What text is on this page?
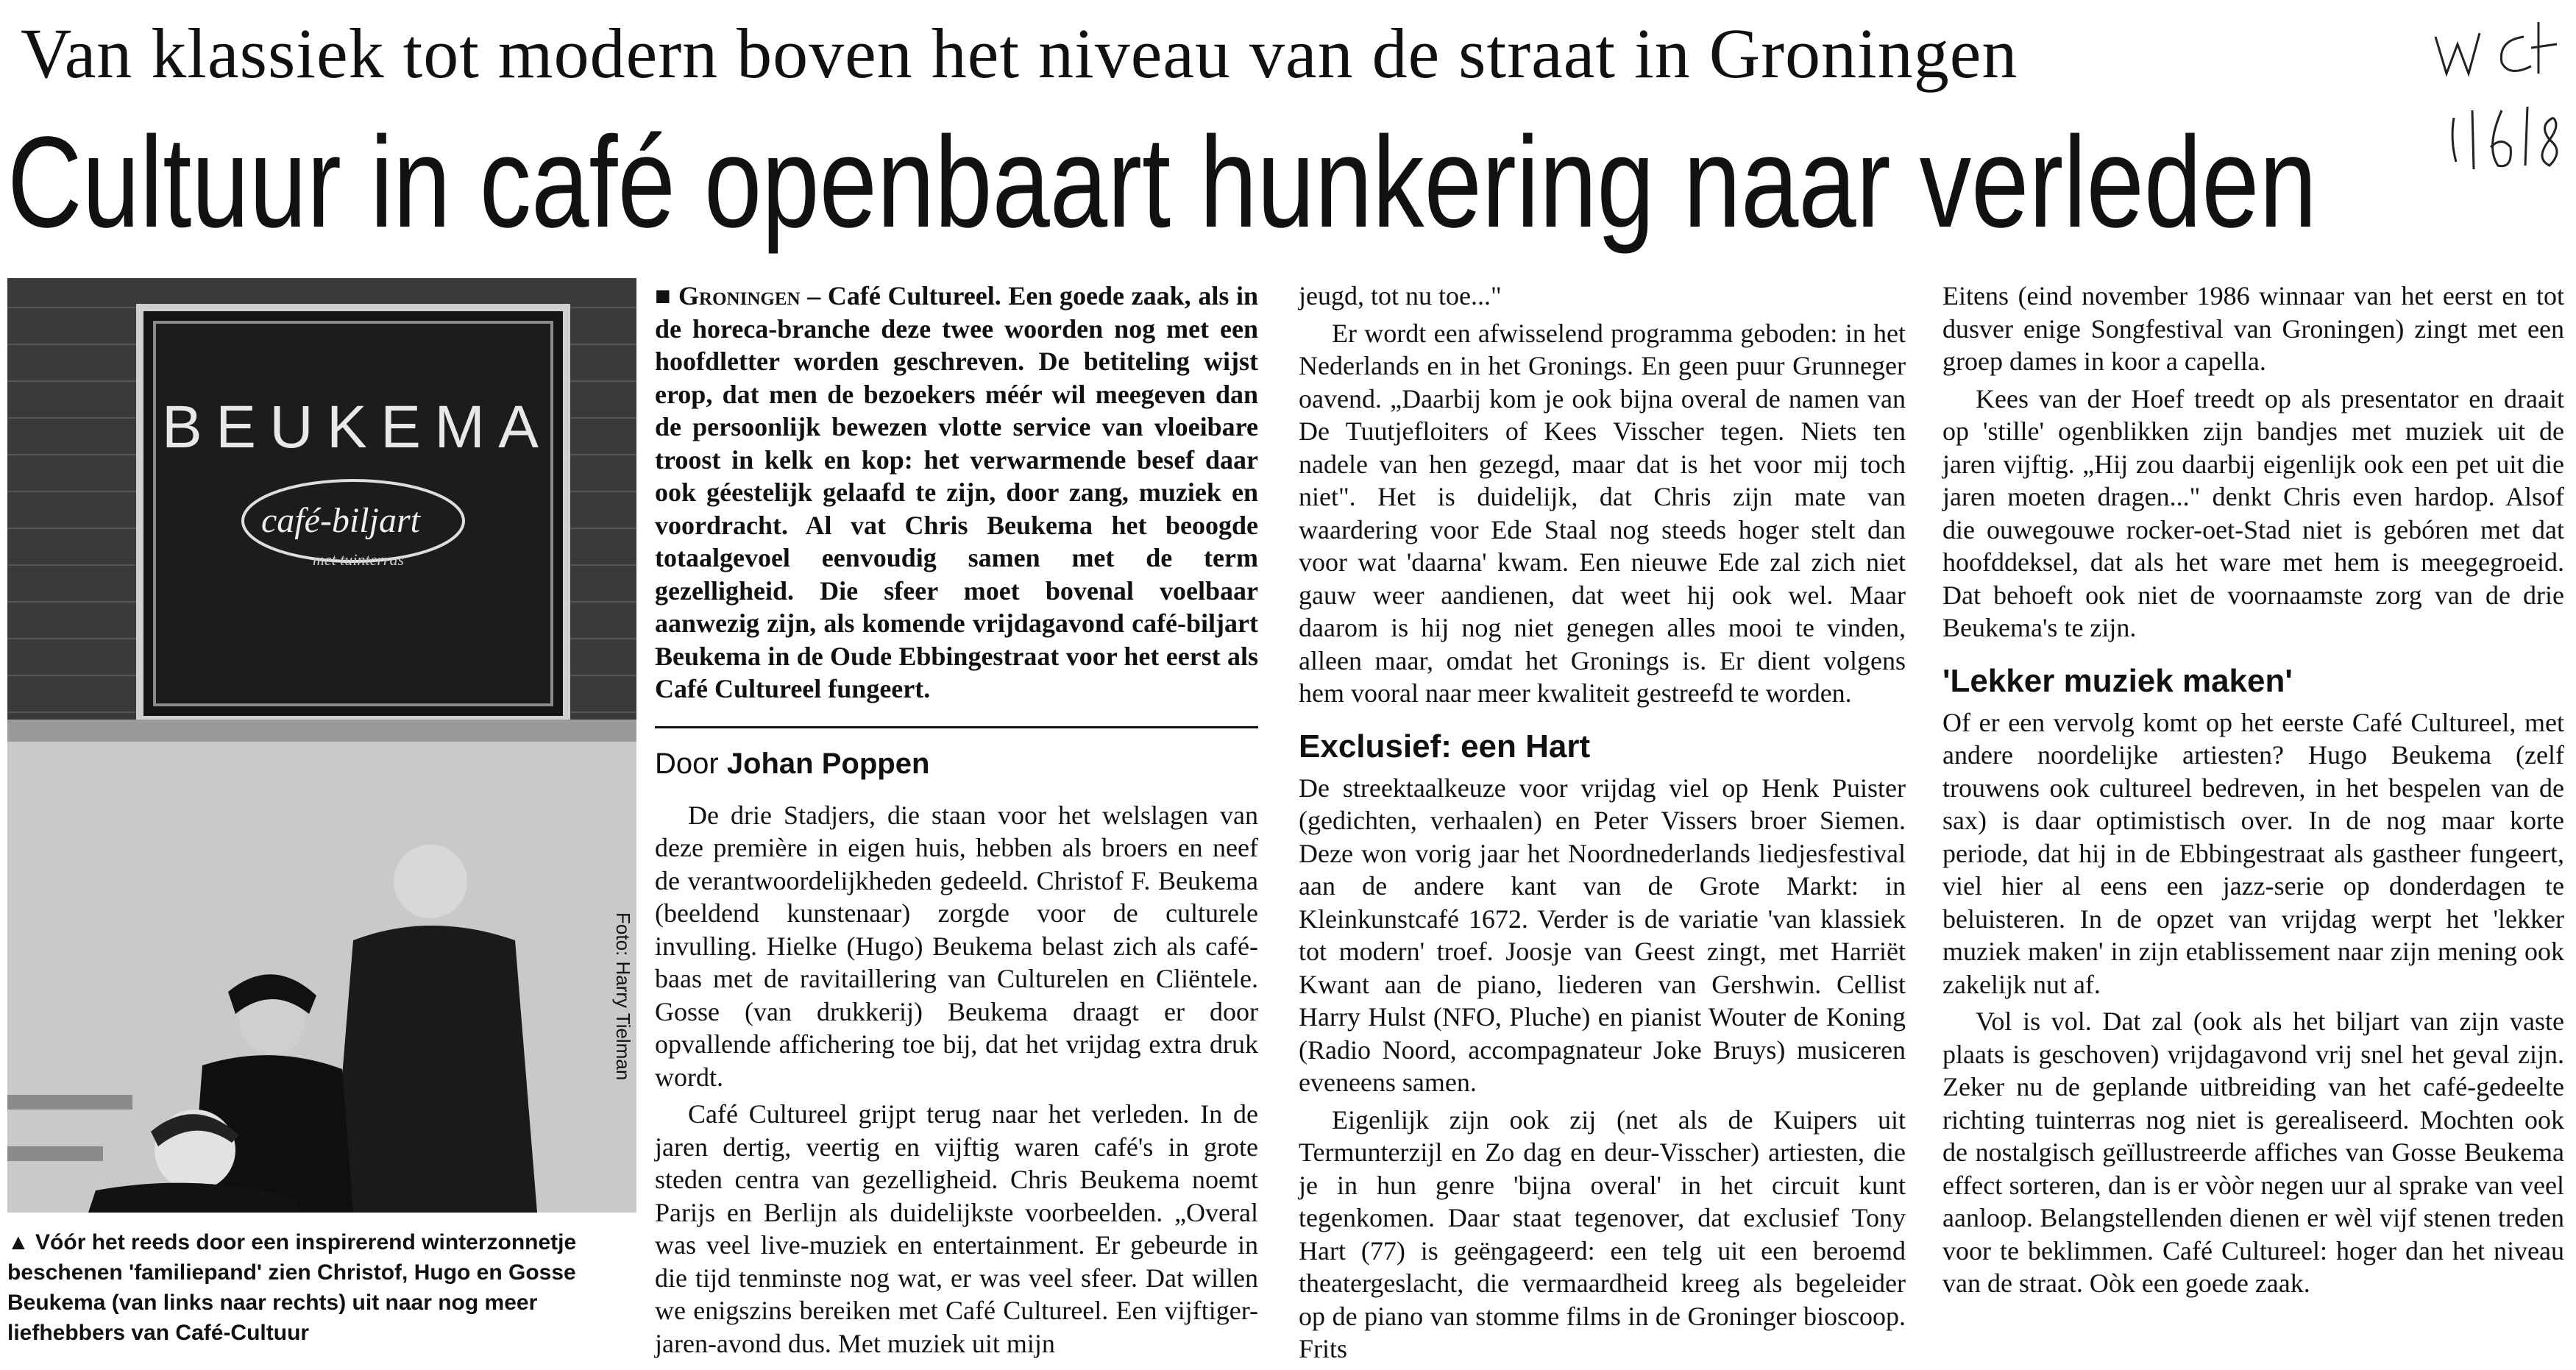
Van klassiek tot modern boven het niveau van de straat in Groningen
Cultuur in café openbaart hunkering naar verleden
BEUKEMA
café-biljart
met tuinterras
Foto: Harry Tielman
▲ Vóór het reeds door een inspirerend winterzonnetje beschenen 'familiepand' zien Christof, Hugo en Gosse Beukema (van links naar rechts) uit naar nog meer liefhebbers van Café-Cultuur

■ Groningen – Café Cultureel. Een goede zaak, als in de horeca-branche deze twee woorden nog met een hoofdletter worden geschreven. De betiteling wijst erop, dat men de bezoekers méér wil meegeven dan de persoonlijk bewezen vlotte service van vloeibare troost in kelk en kop: het verwarmende besef daar ook géestelijk gelaafd te zijn, door zang, muziek en voordracht. Al vat Chris Beukema het beoogde totaalgevoel eenvoudig samen met de term gezelligheid. Die sfeer moet bovenal voelbaar aanwezig zijn, als komende vrijdagavond café-biljart Beukema in de Oude Ebbingestraat voor het eerst als Café Cultureel fungeert.

Door Johan Poppen

De drie Stadjers, die staan voor het welslagen van deze première in eigen huis, hebben als broers en neef de verantwoordelijkheden gedeeld. Christof F. Beukema (beeldend kunstenaar) zorgde voor de culturele invulling. Hielke (Hugo) Beukema belast zich als café-baas met de ravitaillering van Culturelen en Cliëntele. Gosse (van drukkerij) Beukema draagt er door opvallende affichering toe bij, dat het vrijdag extra druk wordt.

Café Cultureel grijpt terug naar het verleden. In de jaren dertig, veertig en vijftig waren café's in grote steden centra van gezelligheid. Chris Beukema noemt Parijs en Berlijn als duidelijkste voorbeelden. „Overal was veel live-muziek en entertainment. Er gebeurde in die tijd tenminste nog wat, er was veel sfeer. Dat willen we enigszins bereiken met Café Cultureel. Een vijftiger-jaren-avond dus. Met muziek uit mijn

jeugd, tot nu toe..."

Er wordt een afwisselend programma geboden: in het Nederlands en in het Gronings. En geen puur Grunneger oavend. „Daarbij kom je ook bijna overal de namen van De Tuutjefloiters of Kees Visscher tegen. Niets ten nadele van hen gezegd, maar dat is het voor mij toch niet". Het is duidelijk, dat Chris zijn mate van waardering voor Ede Staal nog steeds hoger stelt dan voor wat 'daarna' kwam. Een nieuwe Ede zal zich niet gauw weer aandienen, dat weet hij ook wel. Maar daarom is hij nog niet genegen alles mooi te vinden, alleen maar, omdat het Gronings is. Er dient volgens hem vooral naar meer kwaliteit gestreefd te worden.

Exclusief: een Hart

De streektaalkeuze voor vrijdag viel op Henk Puister (gedichten, verhaalen) en Peter Vissers broer Siemen. Deze won vorig jaar het Noordnederlands liedjesfestival aan de andere kant van de Grote Markt: in Kleinkunstcafé 1672. Verder is de variatie 'van klassiek tot modern' troef. Joosje van Geest zingt, met Harriët Kwant aan de piano, liederen van Gershwin. Cellist Harry Hulst (NFO, Pluche) en pianist Wouter de Koning (Radio Noord, accompagnateur Joke Bruys) musiceren eveneens samen.

Eigenlijk zijn ook zij (net als de Kuipers uit Termunterzijl en Zo dag en deur-Visscher) artiesten, die je in hun genre 'bijna overal' in het circuit kunt tegenkomen. Daar staat tegenover, dat exclusief Tony Hart (77) is geëngageerd: een telg uit een beroemd theatergeslacht, die vermaardheid kreeg als begeleider op de piano van stomme films in de Groninger bioscoop. Frits

Eitens (eind november 1986 winnaar van het eerst en tot dusver enige Songfestival van Groningen) zingt met een groep dames in koor a capella.

Kees van der Hoef treedt op als presentator en draait op 'stille' ogenblikken zijn bandjes met muziek uit de jaren vijftig. „Hij zou daarbij eigenlijk ook een pet uit die jaren moeten dragen..." denkt Chris even hardop. Alsof die ouwegouwe rocker-oet-Stad niet is gebóren met dat hoofddeksel, dat als het ware met hem is meegegroeid. Dat behoeft ook niet de voornaamste zorg van de drie Beukema's te zijn.

'Lekker muziek maken'

Of er een vervolg komt op het eerste Café Cultureel, met andere noordelijke artiesten? Hugo Beukema (zelf trouwens ook cultureel bedreven, in het bespelen van de sax) is daar optimistisch over. In de nog maar korte periode, dat hij in de Ebbingestraat als gastheer fungeert, viel hier al eens een jazz-serie op donderdagen te beluisteren. In de opzet van vrijdag werpt het 'lekker muziek maken' in zijn etablissement naar zijn mening ook zakelijk nut af.

Vol is vol. Dat zal (ook als het biljart van zijn vaste plaats is geschoven) vrijdagavond vrij snel het geval zijn. Zeker nu de geplande uitbreiding van het café-gedeelte richting tuinterras nog niet is gerealiseerd. Mochten ook de nostalgisch geïllustreerde affiches van Gosse Beukema effect sorteren, dan is er vòòr negen uur al sprake van veel aanloop. Belangstellenden dienen er wèl vijf stenen treden voor te beklimmen. Café Cultureel: hoger dan het niveau van de straat. Oòk een goede zaak.
